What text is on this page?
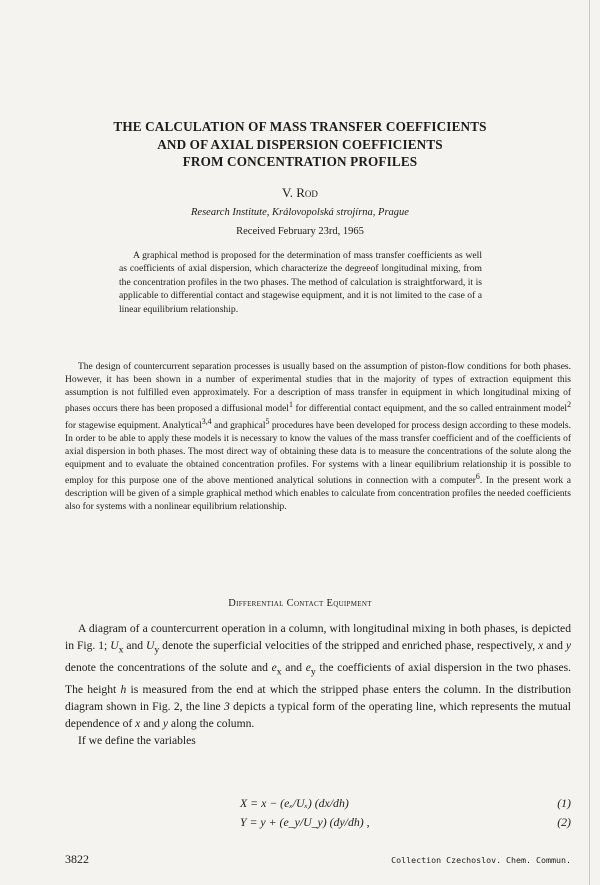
THE CALCULATION OF MASS TRANSFER COEFFICIENTS
AND OF AXIAL DISPERSION COEFFICIENTS
FROM CONCENTRATION PROFILES
V. Rod
Research Institute, Královopolská strojírna, Prague
Received February 23rd, 1965

A graphical method is proposed for the determination of mass transfer coefficients as well as coefficients of axial dispersion, which characterize the degreeof longitudinal mixing, from the concentration profiles in the two phases. The method of calculation is straightforward, it is applicable to differential contact and stagewise equipment, and it is not limited to the case of a linear equilibrium relationship.

The design of countercurrent separation processes is usually based on the assumption of piston-flow conditions for both phases. However, it has been shown in a number of experimental studies that in the majority of types of extraction equipment this assumption is not fulfilled even approximately. For a description of mass transfer in equipment in which longitudinal mixing of phases occurs there has been proposed a diffusional model$^1$ for differential contact equipment, and the so called entrainment model$^2$ for stagewise equipment. Analytical$^{3,4}$ and graphical$^5$ procedures have been developed for process design according to these models. In order to be able to apply these models it is necessary to know the values of the mass transfer coefficient and of the coefficients of axial dispersion in both phases. The most direct way of obtaining these data is to measure the concentrations of the solute along the equipment and to evaluate the obtained concentration profiles. For systems with a linear equilibrium relationship it is possible to employ for this purpose one of the above mentioned analytical solutions in connection with a computer$^6$. In the present work a description will be given of a simple graphical method which enables to calculate from concentration profiles the needed coefficients also for systems with a nonlinear equilibrium relationship.

Differential Contact Equipment

A diagram of a countercurrent operation in a column, with longitudinal mixing in both phases, is depicted in Fig. 1; $U_x$ and $U_y$ denote the superficial velocities of the stripped and enriched phase, respectively, x and y denote the concentrations of the solute and $e_x$ and $e_y$ the coefficients of axial dispersion in the two phases. The height h is measured from the end at which the stripped phase enters the column. In the distribution diagram shown in Fig. 2, the line 3 depicts a typical form of the operating line, which represents the mutual dependence of x and y along the column.

If we define the variables

X = x − (eₓ/Uₓ) (dx/dh)	(1)
Y = y + (e_y/U_y) (dy/dh) ,	(2)
3822	Collection Czechoslov. Chem. Commun.
